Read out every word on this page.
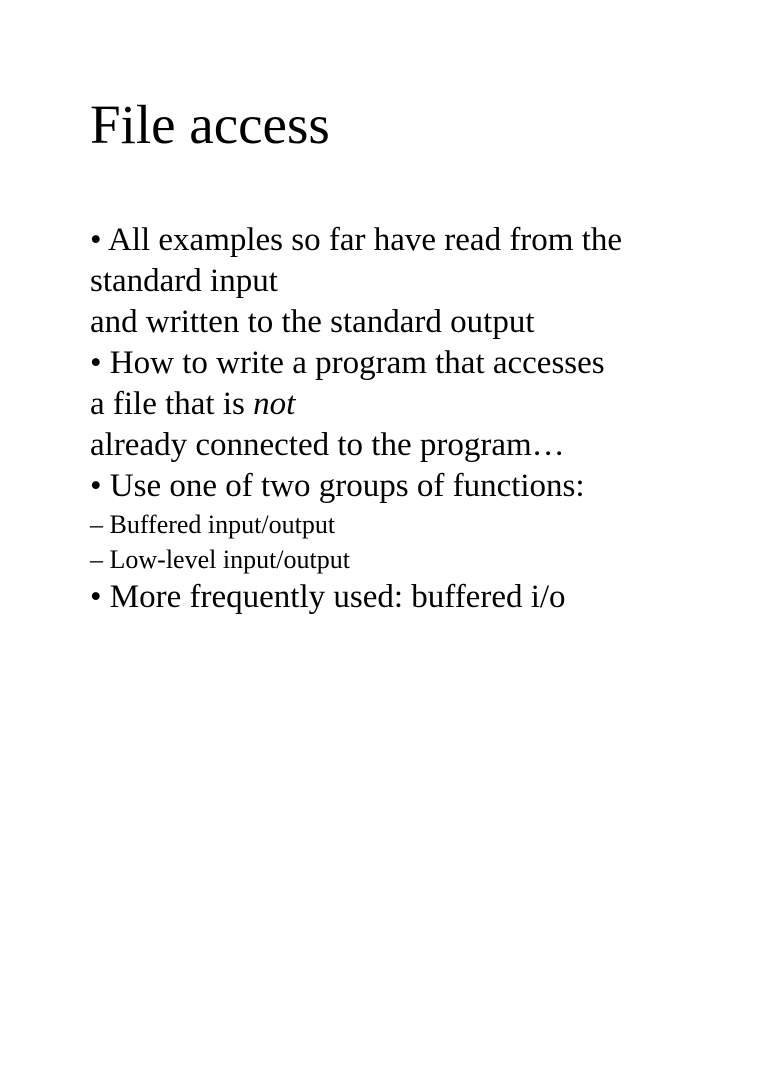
File access

• All examples so far have read from the

standard input

and written to the standard output

• How to write a program that accesses

a file that is not

already connected to the program…

• Use one of two groups of functions:

– Buffered input/output

– Low-level input/output

• More frequently used: buffered i/o
